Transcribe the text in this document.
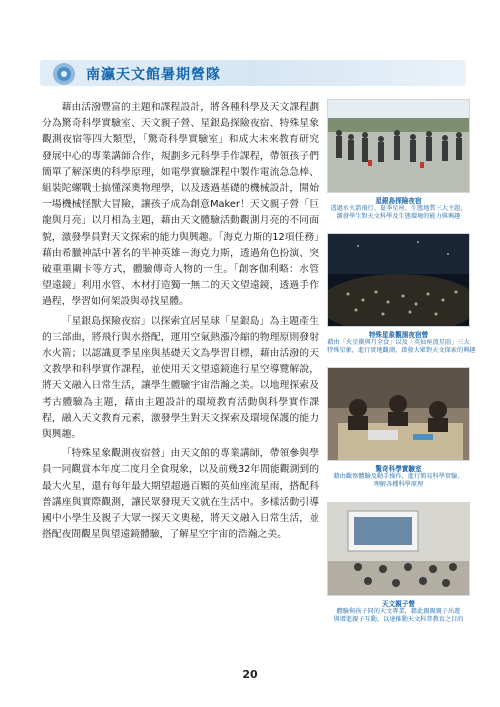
南瀛天文館暑期營隊

藉由活潑豐富的主題和課程設計，將各種科學及天文課程劃分為驚奇科學實驗室、天文親子營、星銀島探險夜宿、特殊星象觀測夜宿等四大類型，「驚奇科學實驗室」和成大未來教育研究發展中心的專業講師合作，規劃多元科學手作課程，帶領孩子們簡單了解深奧的科學原理，如電學實驗課程中製作電流急急棒、組裝陀螺戰士搞懂深奧物理學，以及透過基礎的機械設計，開始一場機械怪獸大冒險，讓孩子成為創意Maker！天文親子營「巨龍與月亮」以月相為主題，藉由天文體驗活動觀測月亮的不同面貌，激發學員對天文探索的能力與興趣。「海克力斯的12項任務」藉由希臘神話中著名的半神英雄－海克力斯，透過角色扮演、突破重重關卡等方式，體驗傳奇人物的一生。「創客伽利略：水管望遠鏡」利用水管、木材打造獨一無二的天文望遠鏡，透過手作過程，學習如何架設與尋找星體。

「星銀島探險夜宿」以探索宜居星球「星銀島」為主題產生的三部曲，將飛行與水搭配，運用空氣熱漲冷縮的物理原則發射水火箭；以認識夏季星座與基礎天文為學習目標，藉由活潑的天文教學和科學實作課程，並使用天文望遠鏡進行星空導覽解說，將天文融入日常生活，讓學生體驗宇宙浩瀚之美。以地理探索及考古體驗為主題，藉由主題設計的環境教育活動與科學實作課程，融入天文教育元素，激發學生對天文探索及環境保護的能力與興趣。

「特殊星象觀測夜宿營」由天文館的專業講師，帶領參與學員一同觀賞本年度二度月全食現象，以及前幾32年間能觀測到的最大火星，還有每年最大期望超過百顆的英仙座流星雨，搭配科普講座與實際觀測，讓民眾發現天文就在生活中。多樣活動引導國中小學生及親子大眾一探天文奧秘，將天文融入日常生活，並搭配夜間觀星與望遠鏡體驗，了解星空宇宙的浩瀚之美。

星銀島探險夜宿
透過水火箭飛行、夏季星座、生態地質三大主題，
激發學生對天文科學及生態環境的能力與興趣
特殊星象觀測夜宿營
藉由「火星衝與月全食」以及「英仙座流星雨」三大
特殊星象，進行實地觀測，啟發大眾對天文探索的興趣
驚奇科學實驗室
藉由觀察體驗及動手操作，進行簡易科學實驗，
理解各種科學原理
天文親子營
體驗與孩子同的天文專業，藉此親親親子出遊
與增進親子互動，以達推動天文科普教育之目的
20
